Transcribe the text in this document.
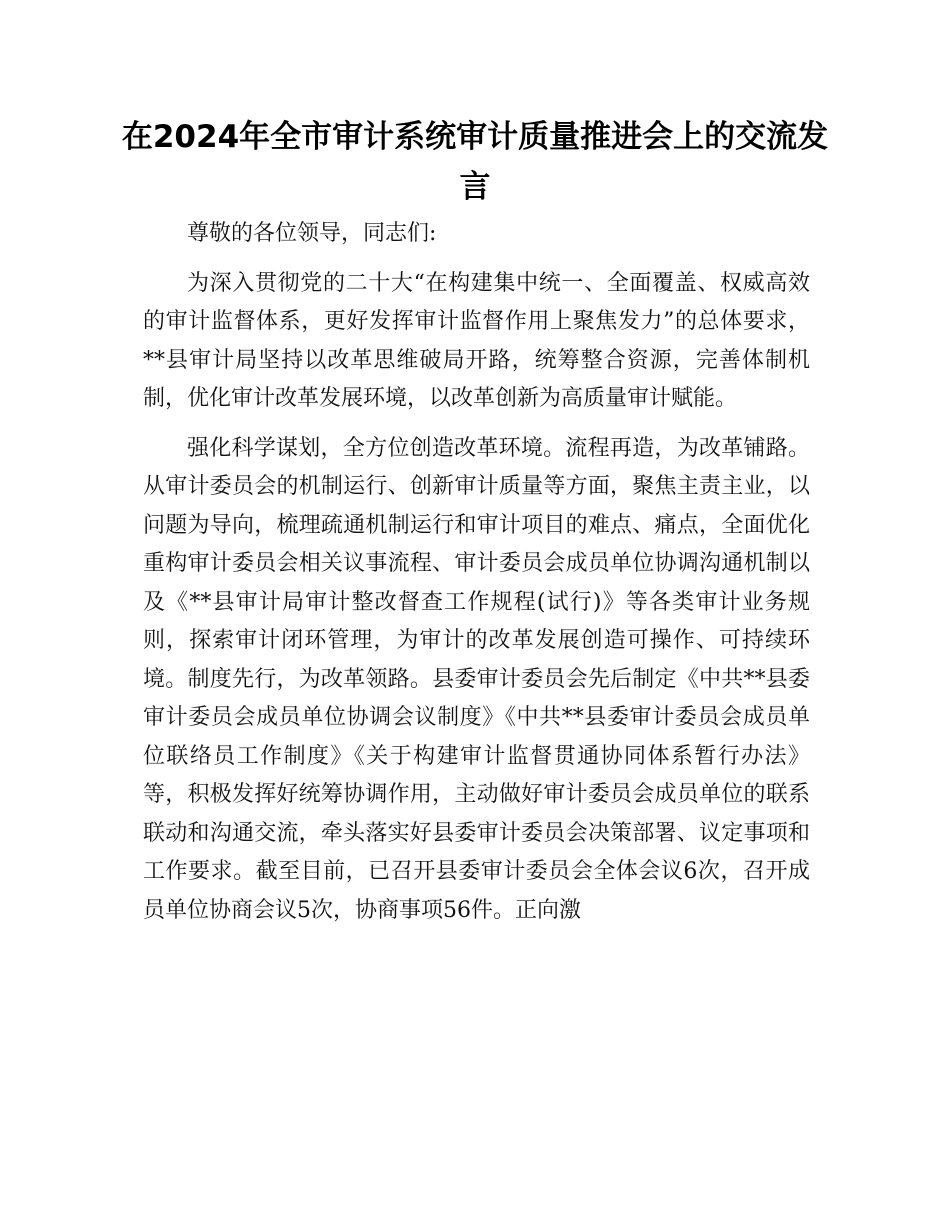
在2024年全市审计系统审计质量推进会上的交流发言

尊敬的各位领导，同志们:

为深入贯彻党的二十大“在构建集中统一、全面覆盖、权威高效的审计监督体系，更好发挥审计监督作用上聚焦发力”的总体要求，**县审计局坚持以改革思维破局开路，统筹整合资源，完善体制机制，优化审计改革发展环境，以改革创新为高质量审计赋能。

强化科学谋划，全方位创造改革环境。流程再造，为改革铺路。从审计委员会的机制运行、创新审计质量等方面，聚焦主责主业，以问题为导向，梳理疏通机制运行和审计项目的难点、痛点，全面优化重构审计委员会相关议事流程、审计委员会成员单位协调沟通机制以及《**县审计局审计整改督查工作规程(试行)》等各类审计业务规则，探索审计闭环管理，为审计的改革发展创造可操作、可持续环境。制度先行，为改革领路。县委审计委员会先后制定《中共**县委审计委员会成员单位协调会议制度》《中共**县委审计委员会成员单位联络员工作制度》《关于构建审计监督贯通协同体系暂行办法》等，积极发挥好统筹协调作用，主动做好审计委员会成员单位的联系联动和沟通交流，牵头落实好县委审计委员会决策部署、议定事项和工作要求。截至目前，已召开县委审计委员会全体会议6次，召开成员单位协商会议5次，协商事项56件。正向激
